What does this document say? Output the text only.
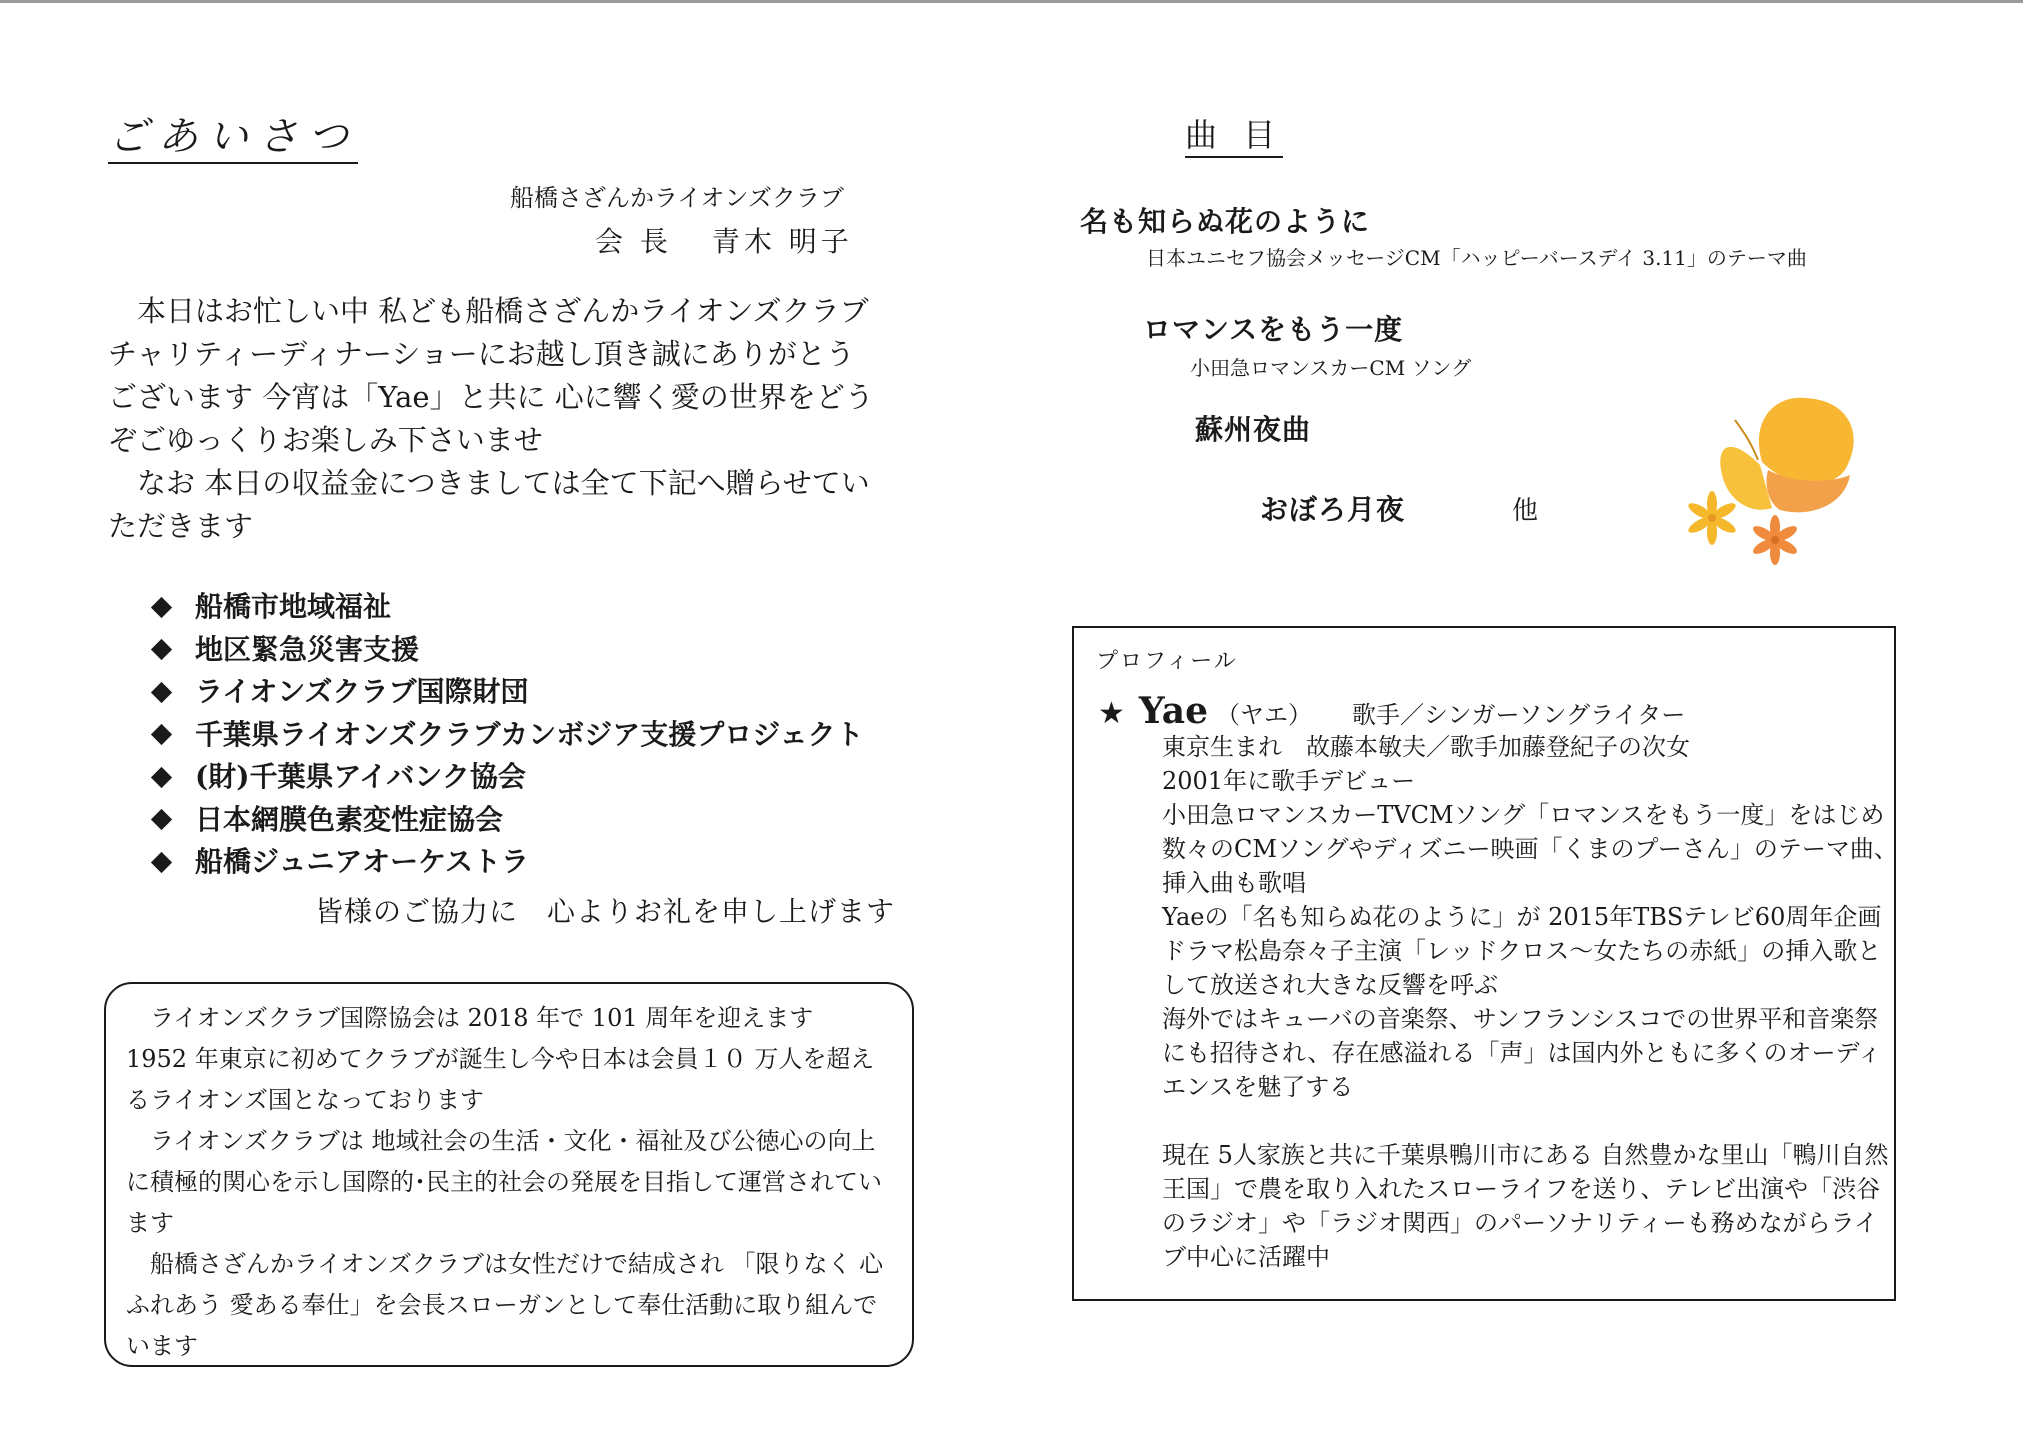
ごあいさつ
船橋さざんかライオンズクラブ
会 長 青木 明子

本日はお忙しい中 私ども船橋さざんかライオンズクラブチャリティーディナーショーにお越し頂き誠にありがとうございます 今宵は「Yae」と共に 心に響く愛の世界をどうぞごゆっくりお楽しみ下さいませ

なお 本日の収益金につきましては全て下記へ贈らせていただきます

船橋市地域福祉
地区緊急災害支援
ライオンズクラブ国際財団
千葉県ライオンズクラブカンボジア支援プロジェクト
(財)千葉県アイバンク協会
日本網膜色素変性症協会
船橋ジュニアオーケストラ
皆様のご協力に　心よりお礼を申し上げます

ライオンズクラブ国際協会は 2018 年で 101 周年を迎えます

1952 年東京に初めてクラブが誕生し今や日本は会員１０ 万人を超えるライオンズ国となっております

ライオンズクラブは 地域社会の生活・文化・福祉及び公徳心の向上に積極的関心を示し国際的･民主的社会の発展を目指して運営されています

船橋さざんかライオンズクラブは女性だけで結成され 「限りなく 心ふれあう 愛ある奉仕」を会長スローガンとして奉仕活動に取り組んでいます

曲 目
名も知らぬ花のように
日本ユニセフ協会メッセージCM「ハッピーバースデイ 3.11」のテーマ曲
ロマンスをもう一度
小田急ロマンスカーCM ソング
蘇州夜曲
おぼろ月夜	他
プロフィール
★ Yae （ヤエ） 歌手／シンガーソングライター

東京生まれ　故藤本敏夫／歌手加藤登紀子の次女

2001年に歌手デビュー

小田急ロマンスカーTVCMソング「ロマンスをもう一度」をはじめ数々のCMソングやディズニー映画「くまのプーさん」のテーマ曲、挿入曲も歌唱

Yaeの「名も知らぬ花のように」が 2015年TBSテレビ60周年企画ドラマ松島奈々子主演「レッドクロス～女たちの赤紙」の挿入歌として放送され大きな反響を呼ぶ

海外ではキューバの音楽祭、サンフランシスコでの世界平和音楽祭にも招待され、存在感溢れる「声」は国内外ともに多くのオーディエンスを魅了する

現在 5人家族と共に千葉県鴨川市にある 自然豊かな里山「鴨川自然王国」で農を取り入れたスローライフを送り、テレビ出演や「渋谷のラジオ」や「ラジオ関西」のパーソナリティーも務めながらライブ中心に活躍中
